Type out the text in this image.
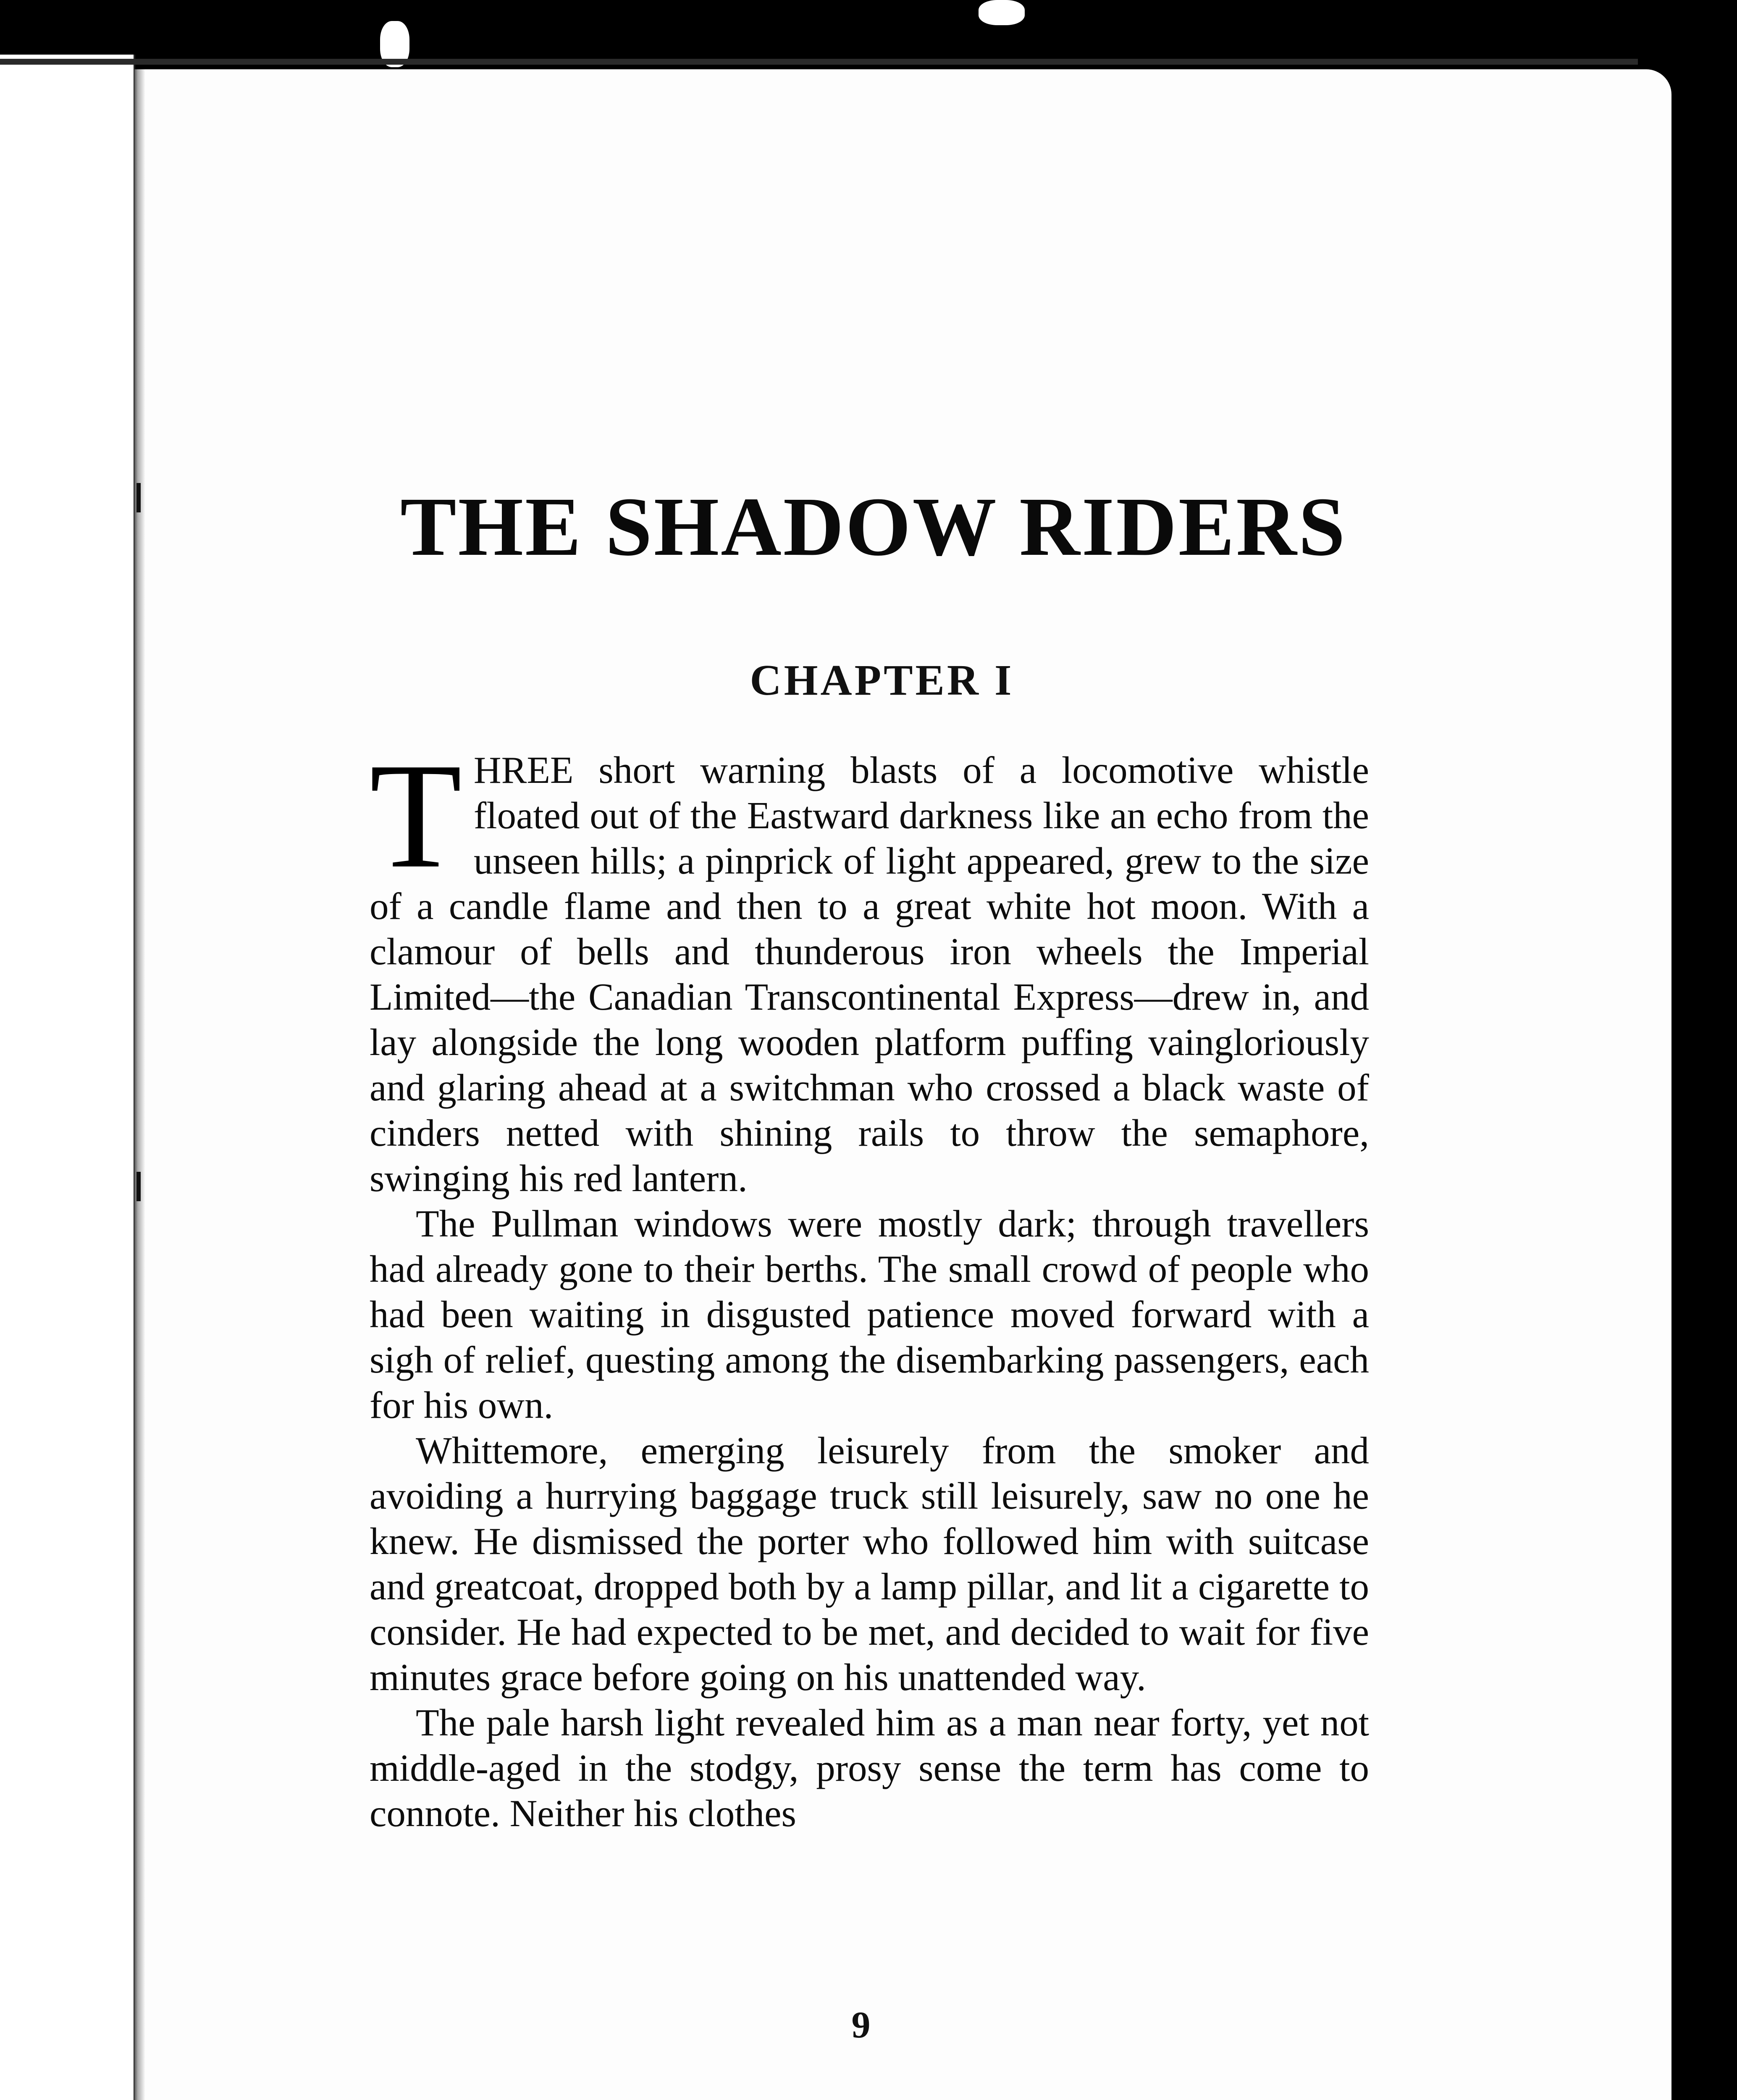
THE SHADOW RIDERS
CHAPTER I

THREE short warning blasts of a locomotive whistle floated out of the Eastward darkness like an echo from the unseen hills; a pinprick of light appeared, grew to the size of a candle flame and then to a great white hot moon. With a clamour of bells and thunderous iron wheels the Imperial Limited—the Canadian Transcontinental Express—drew in, and lay alongside the long wooden platform puffing vaingloriously and glaring ahead at a switchman who crossed a black waste of cinders netted with shining rails to throw the semaphore, swinging his red lantern.

The Pullman windows were mostly dark; through travellers had already gone to their berths. The small crowd of people who had been waiting in disgusted patience moved forward with a sigh of relief, questing among the disembarking passengers, each for his own.

Whittemore, emerging leisurely from the smoker and avoiding a hurrying baggage truck still leisurely, saw no one he knew. He dismissed the porter who followed him with suitcase and greatcoat, dropped both by a lamp pillar, and lit a cigarette to consider. He had expected to be met, and decided to wait for five minutes grace before going on his unattended way.

The pale harsh light revealed him as a man near forty, yet not middle-aged in the stodgy, prosy sense the term has come to connote. Neither his clothes

9
